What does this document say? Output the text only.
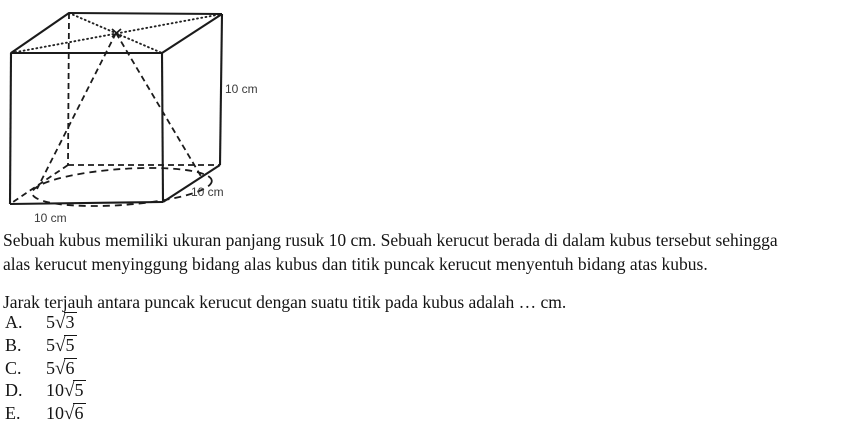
10 cm
10 cm
10 cm
Sebuah kubus memiliki ukuran panjang rusuk 10 cm. Sebuah kerucut berada di dalam kubus tersebut sehingga
alas kerucut menyinggung bidang alas kubus dan titik puncak kerucut menyentuh bidang atas kubus.
Jarak terjauh antara puncak kerucut dengan suatu titik pada kubus adalah … cm.
A.	5√3
B.	5√5
C.	5√6
D.	10√5
E.	10√6
